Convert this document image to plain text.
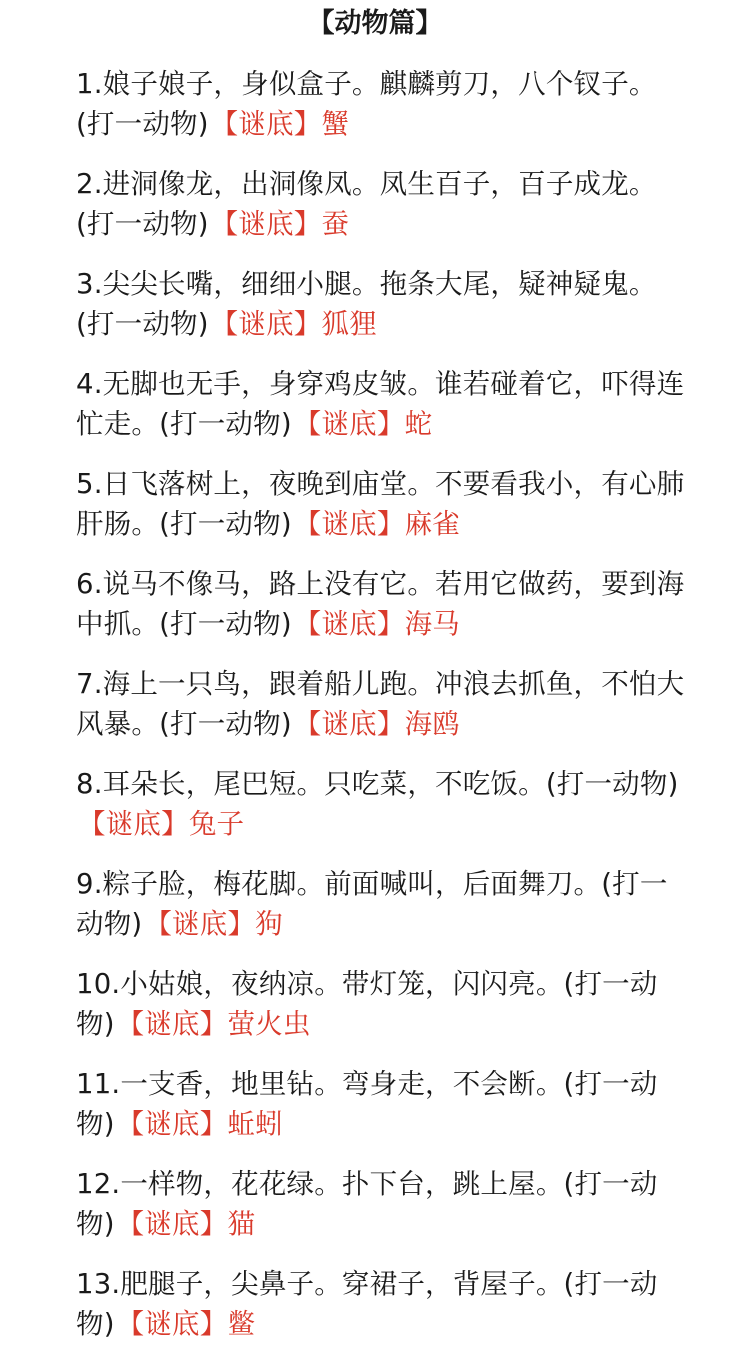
【动物篇】
1.娘子娘子，身似盒子。麒麟剪刀，八个钗子。(打一动物)【谜底】蟹
2.进洞像龙，出洞像凤。凤生百子，百子成龙。(打一动物)【谜底】蚕
3.尖尖长嘴，细细小腿。拖条大尾，疑神疑鬼。(打一动物)【谜底】狐狸
4.无脚也无手，身穿鸡皮皱。谁若碰着它，吓得连忙走。(打一动物)【谜底】蛇
5.日飞落树上，夜晚到庙堂。不要看我小，有心肺肝肠。(打一动物)【谜底】麻雀
6.说马不像马，路上没有它。若用它做药，要到海中抓。(打一动物)【谜底】海马
7.海上一只鸟，跟着船儿跑。冲浪去抓鱼，不怕大风暴。(打一动物)【谜底】海鸥
8.耳朵长，尾巴短。只吃菜，不吃饭。(打一动物)【谜底】兔子
9.粽子脸，梅花脚。前面喊叫，后面舞刀。(打一动物)【谜底】狗
10.小姑娘，夜纳凉。带灯笼，闪闪亮。(打一动物)【谜底】萤火虫
11.一支香，地里钻。弯身走，不会断。(打一动物)【谜底】蚯蚓
12.一样物，花花绿。扑下台，跳上屋。(打一动物)【谜底】猫
13.肥腿子，尖鼻子。穿裙子，背屋子。(打一动物)【谜底】鳖
